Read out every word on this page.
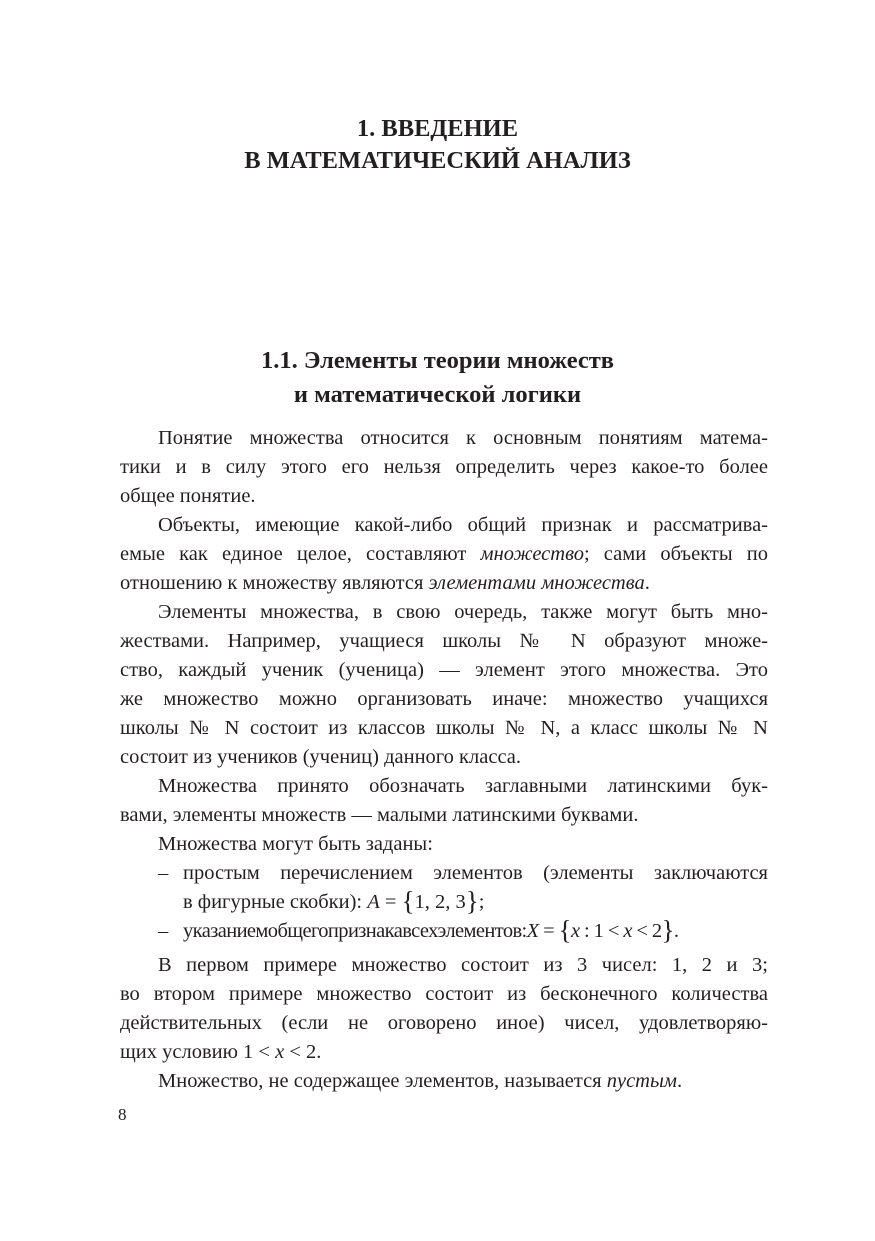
1. ВВЕДЕНИЕ
В МАТЕМАТИЧЕСКИЙ АНАЛИЗ
1.1. Элементы теории множеств
и математической логики
Понятие множества относится к основным понятиям матема-
тики и в силу этого его нельзя определить через какое-то более
общее понятие.
Объекты, имеющие какой-либо общий признак и рассматрива-
емые как единое целое, составляют множество; сами объекты по
отношению к множеству являются элементами множества.
Элементы множества, в свою очередь, также могут быть мно-
жествами. Например, учащиеся школы № N образуют множе-
ство, каждый ученик (ученица) — элемент этого множества. Это
же множество можно организовать иначе: множество учащихся
школы № N состоит из классов школы № N, а класс школы № N
состоит из учеников (учениц) данного класса.
Множества принято обозначать заглавными латинскими бук-
вами, элементы множеств — малыми латинскими буквами.
Множества могут быть заданы:
– простым перечислением элементов (элементы заключаются
в фигурные скобки): A = {1, 2, 3};
– указаниемобщегопризнакавсехэлементов:X = {x : 1 < x < 2}.
В первом примере множество состоит из 3 чисел: 1, 2 и 3;
во втором примере множество состоит из бесконечного количества
действительных (если не оговорено иное) чисел, удовлетворяю-
щих условию 1 < x < 2.
Множество, не содержащее элементов, называется пустым.
8
